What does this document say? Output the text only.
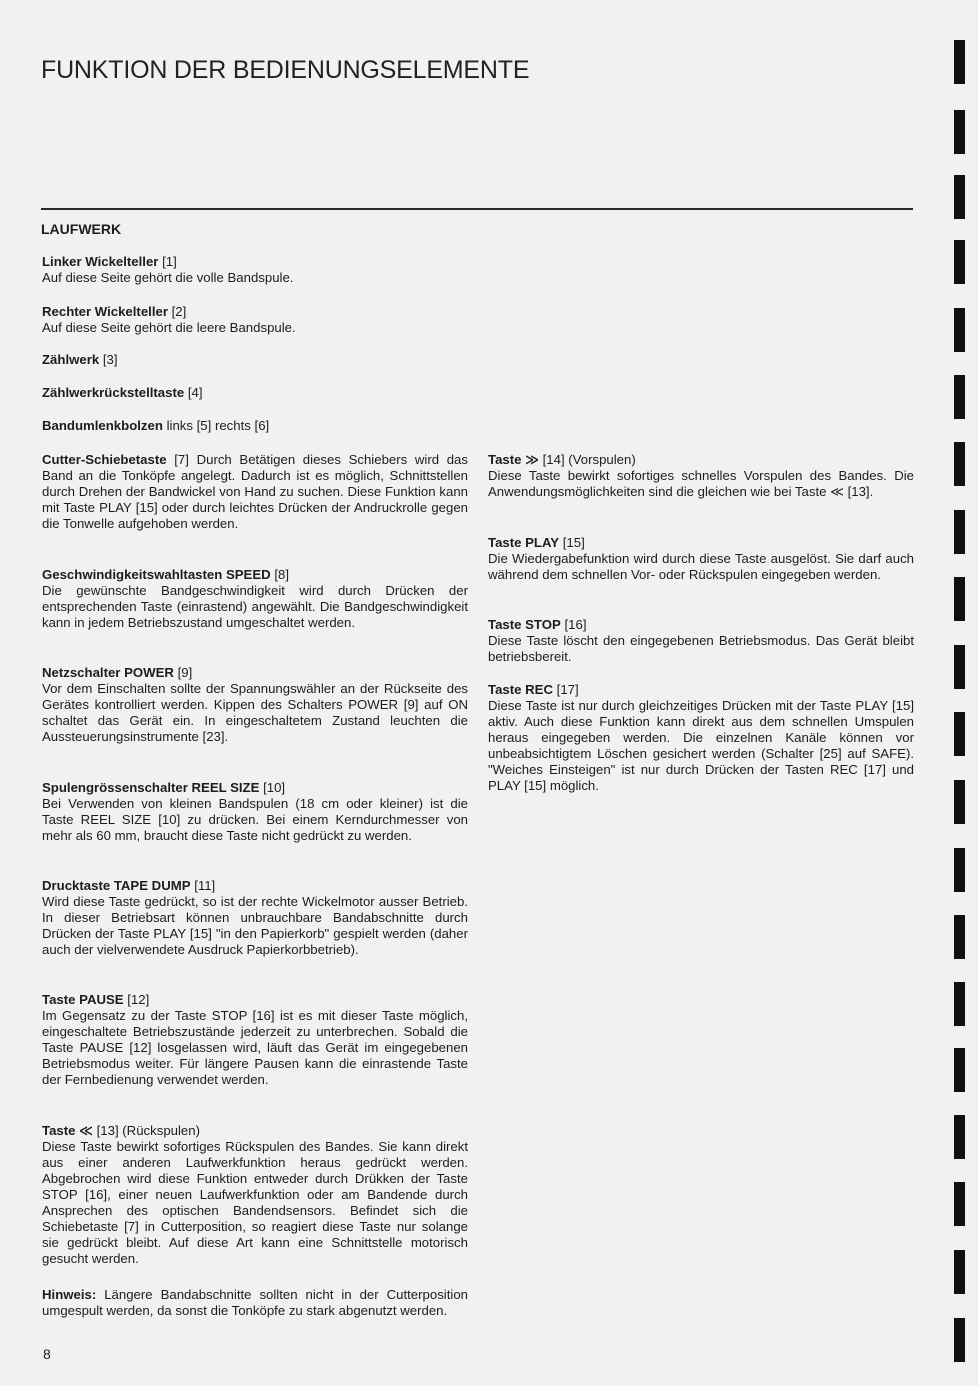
FUNKTION DER BEDIENUNGSELEMENTE
LAUFWERK
Linker Wickelteller [1]
Auf diese Seite gehört die volle Bandspule.
Rechter Wickelteller [2]
Auf diese Seite gehört die leere Bandspule.
Zählwerk [3]
Zählwerkrückstelltaste [4]
Bandumlenkbolzen links [5] rechts [6]
Cutter-Schiebetaste [7] Durch Betätigen dieses Schiebers wird das Band an die Tonköpfe angelegt. Dadurch ist es möglich, Schnittstellen durch Drehen der Bandwickel von Hand zu suchen. Diese Funktion kann mit Taste PLAY [15] oder durch leichtes Drücken der Andruckrolle gegen die Tonwelle aufgehoben werden.
Geschwindigkeitswahltasten SPEED [8]
Die gewünschte Bandgeschwindigkeit wird durch Drücken der entsprechenden Taste (einrastend) angewählt. Die Bandgeschwindigkeit kann in jedem Betriebszustand umgeschaltet werden.
Netzschalter POWER [9]
Vor dem Einschalten sollte der Spannungswähler an der Rückseite des Gerätes kontrolliert werden. Kippen des Schalters POWER [9] auf ON schaltet das Gerät ein. In eingeschaltetem Zustand leuchten die Aussteuerungsinstrumente [23].
Spulengrössenschalter REEL SIZE [10]
Bei Verwenden von kleinen Bandspulen (18 cm oder kleiner) ist die Taste REEL SIZE [10] zu drücken. Bei einem Kerndurchmesser von mehr als 60 mm, braucht diese Taste nicht gedrückt zu werden.
Drucktaste TAPE DUMP [11]
Wird diese Taste gedrückt, so ist der rechte Wickelmotor ausser Betrieb. In dieser Betriebsart können unbrauchbare Bandabschnitte durch Drücken der Taste PLAY [15] "in den Papierkorb" gespielt werden (daher auch der vielverwendete Ausdruck Papierkorbbetrieb).
Taste PAUSE [12]
Im Gegensatz zu der Taste STOP [16] ist es mit dieser Taste möglich, eingeschaltete Betriebszustände jederzeit zu unterbrechen. Sobald die Taste PAUSE [12] losgelassen wird, läuft das Gerät im eingegebenen Betriebsmodus weiter. Für längere Pausen kann die einrastende Taste der Fernbedienung verwendet werden.
Taste ≪ [13] (Rückspulen)
Diese Taste bewirkt sofortiges Rückspulen des Bandes. Sie kann direkt aus einer anderen Laufwerkfunktion heraus gedrückt werden. Abgebrochen wird diese Funktion entweder durch Drükken der Taste STOP [16], einer neuen Laufwerkfunktion oder am Bandende durch Ansprechen des optischen Bandendsensors. Befindet sich die Schiebetaste [7] in Cutterposition, so reagiert diese Taste nur solange sie gedrückt bleibt. Auf diese Art kann eine Schnittstelle motorisch gesucht werden.
Hinweis: Längere Bandabschnitte sollten nicht in der Cutterposition umgespult werden, da sonst die Tonköpfe zu stark abgenutzt werden.
Taste ≫ [14] (Vorspulen)
Diese Taste bewirkt sofortiges schnelles Vorspulen des Bandes. Die Anwendungsmöglichkeiten sind die gleichen wie bei Taste ≪ [13].
Taste PLAY [15]
Die Wiedergabefunktion wird durch diese Taste ausgelöst. Sie darf auch während dem schnellen Vor- oder Rückspulen eingegeben werden.
Taste STOP [16]
Diese Taste löscht den eingegebenen Betriebsmodus. Das Gerät bleibt betriebsbereit.
Taste REC [17]
Diese Taste ist nur durch gleichzeitiges Drücken mit der Taste PLAY [15] aktiv. Auch diese Funktion kann direkt aus dem schnellen Umspulen heraus eingegeben werden. Die einzelnen Kanäle können vor unbeabsichtigtem Löschen gesichert werden (Schalter [25] auf SAFE). "Weiches Einsteigen" ist nur durch Drücken der Tasten REC [17] und PLAY [15] möglich.
8
